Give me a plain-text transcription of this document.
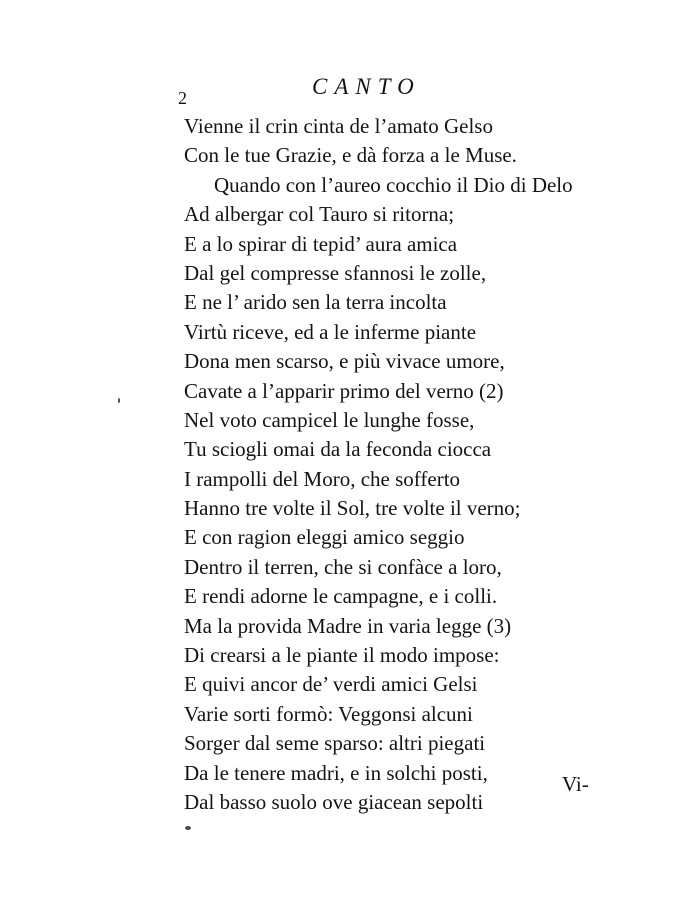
2	CANTO
Vienne il crin cinta de l’amato Gelso
Con le tue Grazie, e dà forza a le Muse.
Quando con l’aureo cocchio il Dio di Delo
Ad albergar col Tauro si ritorna;
E a lo spirar di tepid’ aura amica
Dal gel compresse sfannosi le zolle,
E ne l’ arido sen la terra incolta
Virtù riceve, ed a le inferme piante
Dona men scarso, e più vivace umore,
Cavate a l’apparir primo del verno (2)
Nel voto campicel le lunghe fosse,
Tu sciogli omai da la feconda ciocca
I rampolli del Moro, che sofferto
Hanno tre volte il Sol, tre volte il verno;
E con ragion eleggi amico seggio
Dentro il terren, che si confàce a loro,
E rendi adorne le campagne, e i colli.
Ma la provida Madre in varia legge (3)
Di crearsi a le piante il modo impose:
E quivi ancor de’ verdi amici Gelsi
Varie sorti formò: Veggonsi alcuni
Sorger dal seme sparso: altri piegati
Da le tenere madri, e in solchi posti,
Dal basso suolo ove giacean sepolti
Vi-
